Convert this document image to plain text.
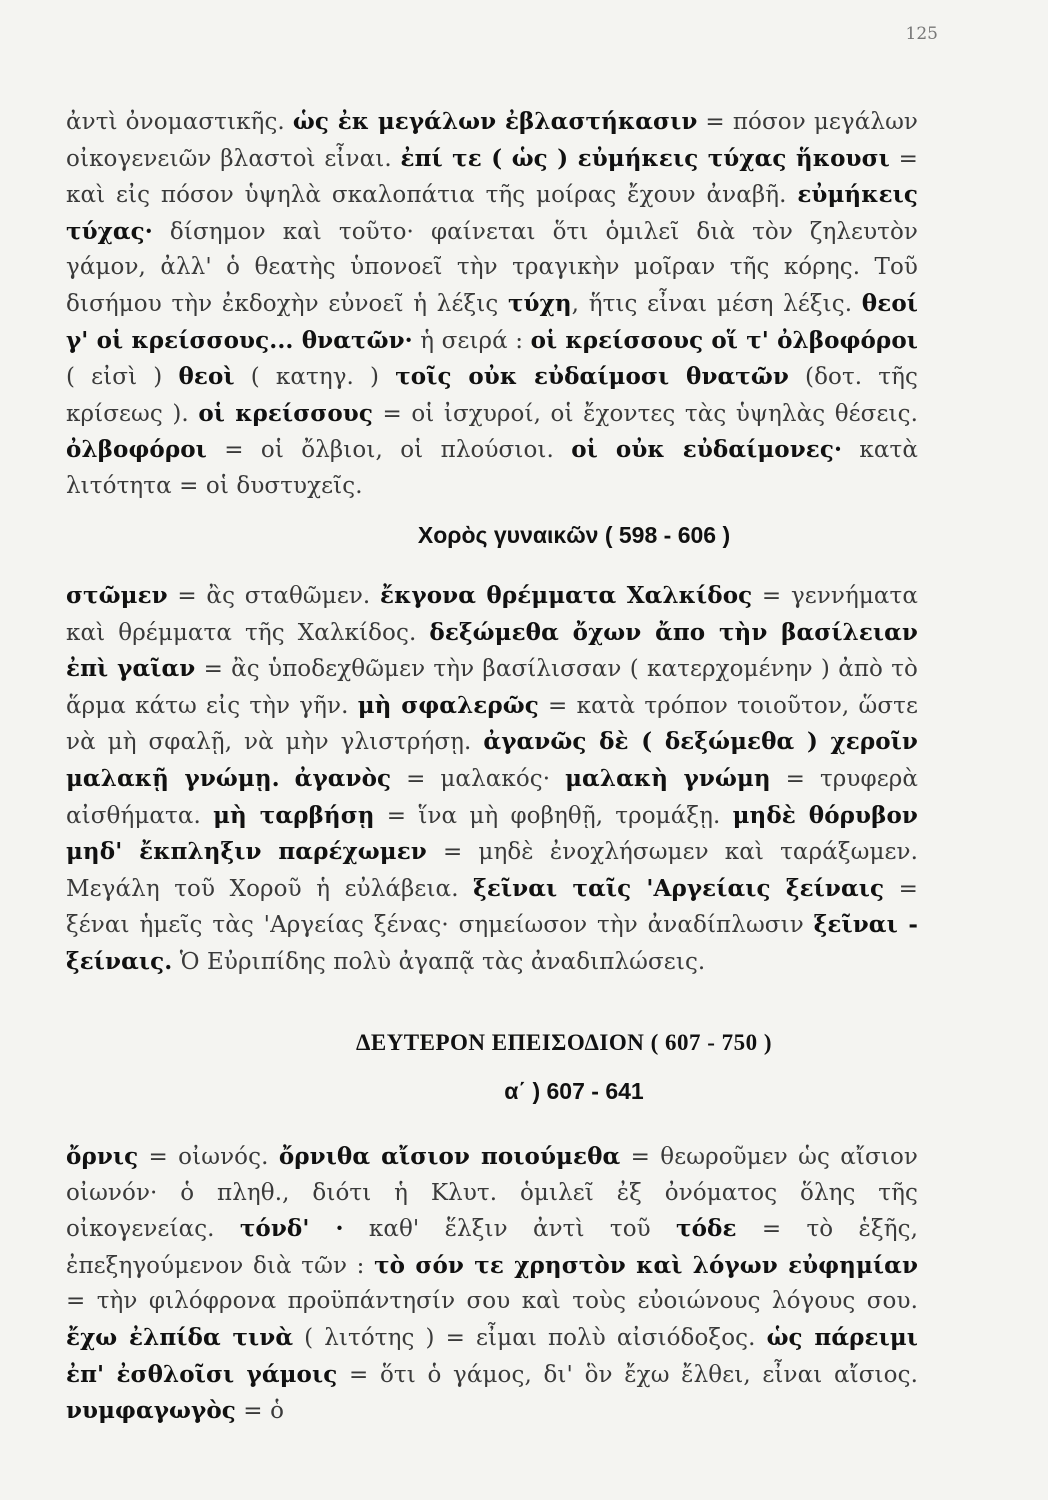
125

ἀντὶ ὀνομαστικῆς. ὡς ἐκ μεγάλων ἐβλαστήκασιν = πόσον μεγάλων οἰκογενειῶν βλαστοὶ εἶναι. ἐπί τε ( ὡς ) εὐμήκεις τύχας ἥκουσι = καὶ εἰς πόσον ὑψηλὰ σκαλοπάτια τῆς μοίρας ἔχουν ἀναβῆ. εὐμήκεις τύχας· δίσημον καὶ τοῦτο· φαίνεται ὅτι ὁμιλεῖ διὰ τὸν ζηλευτὸν γάμον, ἀλλ' ὁ θεατὴς ὑπονοεῖ τὴν τραγικὴν μοῖραν τῆς κόρης. Τοῦ δισήμου τὴν ἐκδοχὴν εὐνοεῖ ἡ λέξις τύχη, ἥτις εἶναι μέση λέξις. θεοί γ' οἱ κρείσσους... θνατῶν· ἡ σειρά : οἱ κρείσσους οἵ τ' ὀλβοφόροι ( εἰσὶ ) θεοὶ ( κατηγ. ) τοῖς οὐκ εὐδαίμοσι θνατῶν (δοτ. τῆς κρίσεως ). οἱ κρείσσους = οἱ ἰσχυροί, οἱ ἔχοντες τὰς ὑψηλὰς θέσεις. ὀλβοφόροι = οἱ ὄλβιοι, οἱ πλούσιοι. οἱ οὐκ εὐδαίμονες· κατὰ λιτότητα = οἱ δυστυχεῖς.

Χορὸς γυναικῶν ( 598 - 606 )

στῶμεν = ἂς σταθῶμεν. ἔκγονα θρέμματα Χαλκίδος = γεννήματα καὶ θρέμματα τῆς Χαλκίδος. δεξώμεθα ὄχων ἄπο τὴν βασίλειαν ἐπὶ γαῖαν = ἂς ὑποδεχθῶμεν τὴν βασίλισσαν ( κατερχομένην ) ἀπὸ τὸ ἅρμα κάτω εἰς τὴν γῆν. μὴ σφαλερῶς = κατὰ τρόπον τοιοῦτον, ὥστε νὰ μὴ σφαλῇ, νὰ μὴν γλιστρήσῃ. ἀγανῶς δὲ ( δεξώμεθα ) χεροῖν μαλακῇ γνώμῃ. ἀγανὸς = μαλακός· μαλακὴ γνώμη = τρυφερὰ αἰσθήματα. μὴ ταρβήσῃ = ἵνα μὴ φοβηθῇ, τρομάξῃ. μηδὲ θόρυβον μηδ' ἔκπληξιν παρέχωμεν = μηδὲ ἐνοχλήσωμεν καὶ ταράξωμεν. Μεγάλη τοῦ Χοροῦ ἡ εὐλάβεια. ξεῖναι ταῖς 'Αργείαις ξείναις = ξέναι ἡμεῖς τὰς 'Αργείας ξένας· σημείωσον τὴν ἀναδίπλωσιν ξεῖναι - ξείναις. Ὁ Εὐριπίδης πολὺ ἀγαπᾷ τὰς ἀναδιπλώσεις.

ΔΕΥΤΕΡΟΝ ΕΠΕΙΣΟΔΙΟΝ ( 607 - 750 )
α΄ ) 607 - 641

ὄρνις = οἰωνός. ὄρνιθα αἴσιον ποιούμεθα = θεωροῦμεν ὡς αἴσιον οἰωνόν· ὁ πληθ., διότι ἡ Κλυτ. ὁμιλεῖ ἐξ ὀνόματος ὅλης τῆς οἰκογενείας. τόνδ' · καθ' ἕλξιν ἀντὶ τοῦ τόδε = τὸ ἑξῆς, ἐπεξηγούμενον διὰ τῶν : τὸ σόν τε χρηστὸν καὶ λόγων εὐφημίαν = τὴν φιλόφρονα προϋπάντησίν σου καὶ τοὺς εὐοιώνους λόγους σου. ἔχω ἐλπίδα τινὰ ( λιτότης ) = εἶμαι πολὺ αἰσιόδοξος. ὡς πάρειμι ἐπ' ἐσθλοῖσι γάμοις = ὅτι ὁ γάμος, δι' ὃν ἔχω ἔλθει, εἶναι αἴσιος. νυμφαγωγὸς = ὁ
